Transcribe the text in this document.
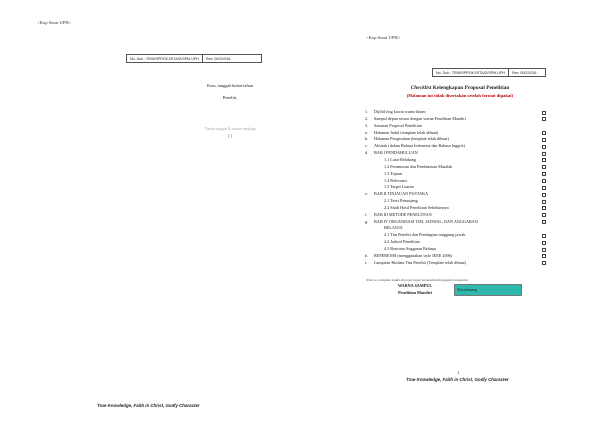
<Kop Surat UPH>
No. Dok.: TEMI/SPROKJ/STA/G/SPM-UPH Rev: 00/22/016
Kota, tanggal-bulan-tahun
Peneliti,
Tanda tangan & nama lengkap
( )
True Knowledge, Faith in Christ, Godly Character
<Kop Surat UPH>
No. Dok.: TEMI/SPROKJ/STA/G/SPM-UPH Rev: 00/22/016
Checklist Kelengkapan Proposal Penelitian
(Halaman ini tidak disertakan setelah format dipakai)
1.	Dijilid ring kawat warna hitam
2.	Sampul depan sesuai dengan warna Penelitian Mandiri
3.	Susunan Proposal Penelitian
a.	Halaman Judul (template telah dibuat)
b.	Halaman Pengesahan (template telah dibuat)
c.	Abstrak (dalam Bahasa Indonesia dan Bahasa Inggris)
d.	BAB I PENDAHULUAN
1.1 Latar Belakang
1.2 Perumusan dan Pembatasan Masalah
1.3 Tujuan
1.4 Relevansi
1.5 Target Luaran
e.	BAB II TINJAUAN PUSTAKA
2.1 Teori Penunjang
2.2 Studi Hasil Penelitian Sebelumnya
f.	BAB III METODE PENELITIAN
g.	BAB IV ORGANISASI TIM, JADWAL, DAN ANGGARAN
BELANJA
4.1 Tim Peneliti dan Pembagian tanggung jawab
4.2 Jadwal Penelitian
4.3 Rencana Anggaran Belanja
h.	REFERENSI (menggunakan style IEEE 2006)
i.	Lampiran Biodata Tim Peneliti (Template telah dibuat)
Note: a.c template sudah di project agar menambah/menggulah mengelola
WARNA SAMPUL
Penelitian Mandiri	Tosca/tenang
1
True Knowledge, Faith in Christ, Godly Character
